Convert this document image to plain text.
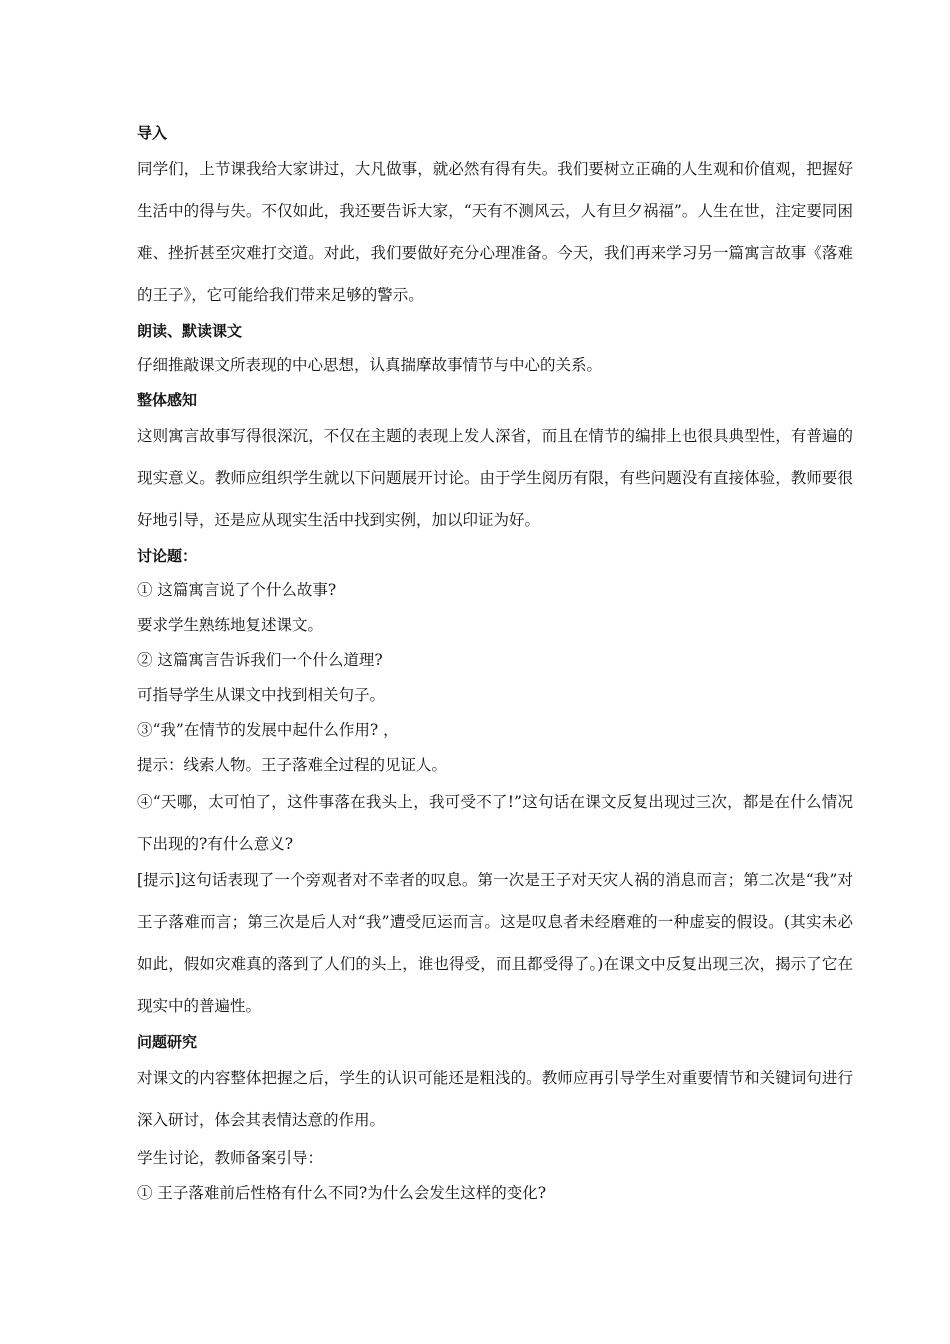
导入

同学们，上节课我给大家讲过，大凡做事，就必然有得有失。我们要树立正确的人生观和价值观，把握好生活中的得与失。不仅如此，我还要告诉大家，“天有不测风云，人有旦夕祸福”。人生在世，注定要同困难、挫折甚至灾难打交道。对此，我们要做好充分心理准备。今天，我们再来学习另一篇寓言故事《落难的王子》，它可能给我们带来足够的警示。

朗读、默读课文

仔细推敲课文所表现的中心思想，认真揣摩故事情节与中心的关系。

整体感知

这则寓言故事写得很深沉，不仅在主题的表现上发人深省，而且在情节的编排上也很具典型性，有普遍的现实意义。教师应组织学生就以下问题展开讨论。由于学生阅历有限，有些问题没有直接体验，教师要很好地引导，还是应从现实生活中找到实例，加以印证为好。

讨论题：

① 这篇寓言说了个什么故事?

要求学生熟练地复述课文。

② 这篇寓言告诉我们一个什么道理?

可指导学生从课文中找到相关句子。

③“我”在情节的发展中起什么作用? ，

提示：线索人物。王子落难全过程的见证人。

④“天哪，太可怕了，这件事落在我头上，我可受不了!”这句话在课文反复出现过三次，都是在什么情况下出现的?有什么意义?

[提示]这句话表现了一个旁观者对不幸者的叹息。第一次是王子对天灾人祸的消息而言；第二次是“我”对王子落难而言；第三次是后人对“我”遭受厄运而言。这是叹息者未经磨难的一种虚妄的假设。(其实未必如此，假如灾难真的落到了人们的头上，谁也得受，而且都受得了。)在课文中反复出现三次，揭示了它在现实中的普遍性。

问题研究

对课文的内容整体把握之后，学生的认识可能还是粗浅的。教师应再引导学生对重要情节和关键词句进行深入研讨，体会其表情达意的作用。

学生讨论，教师备案引导：

① 王子落难前后性格有什么不同?为什么会发生这样的变化?
